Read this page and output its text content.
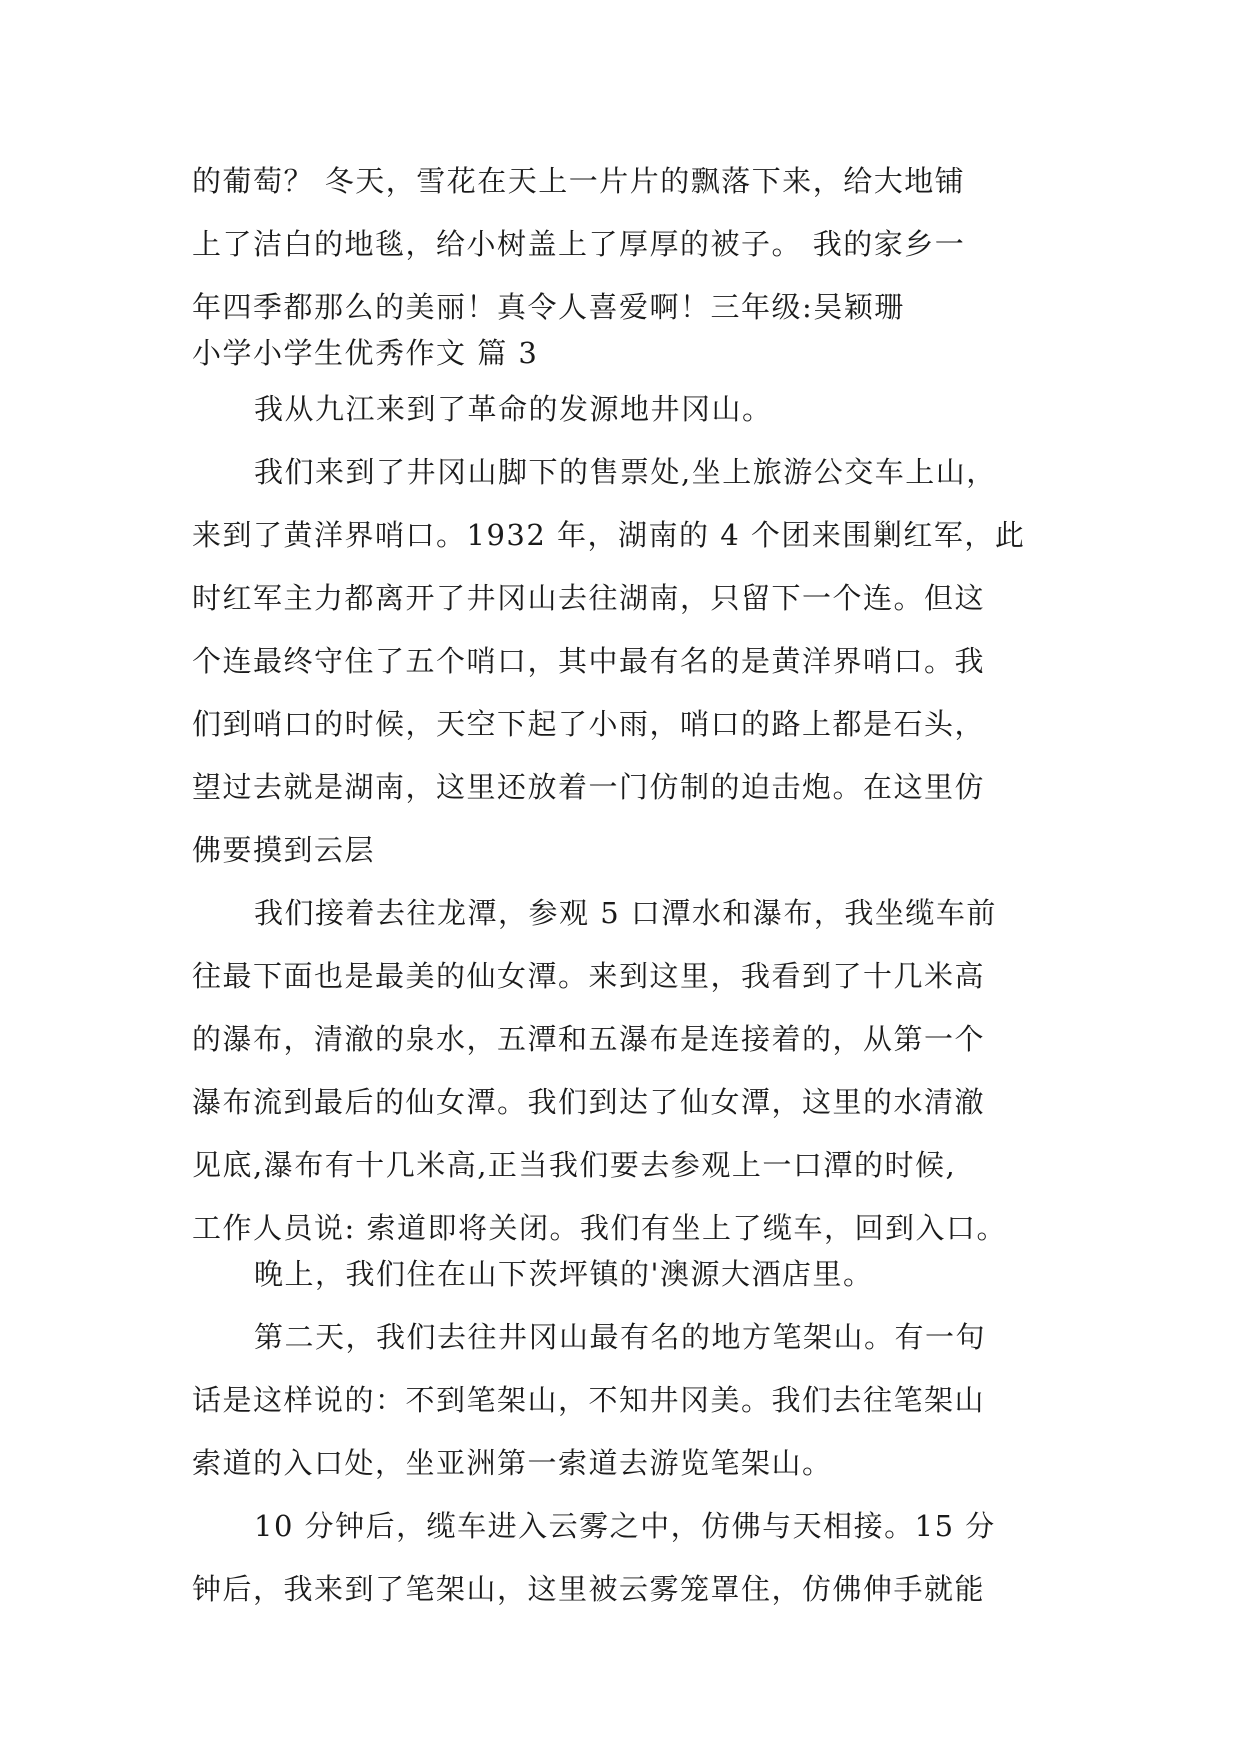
的葡萄？ 冬天，雪花在天上一片片的飘落下来，给大地铺
上了洁白的地毯，给小树盖上了厚厚的被子。 我的家乡一
年四季都那么的美丽！真令人喜爱啊！三年级:吴颖珊
小学小学生优秀作文 篇 3
我从九江来到了革命的发源地井冈山。
我们来到了井冈山脚下的售票处,坐上旅游公交车上山，
来到了黄洋界哨口。1932 年，湖南的 4 个团来围剿红军，此
时红军主力都离开了井冈山去往湖南，只留下一个连。但这
个连最终守住了五个哨口，其中最有名的是黄洋界哨口。我
们到哨口的时候，天空下起了小雨，哨口的路上都是石头，
望过去就是湖南，这里还放着一门仿制的迫击炮。在这里仿
佛要摸到云层
我们接着去往龙潭，参观 5 口潭水和瀑布，我坐缆车前
往最下面也是最美的仙女潭。来到这里，我看到了十几米高
的瀑布，清澈的泉水，五潭和五瀑布是连接着的，从第一个
瀑布流到最后的仙女潭。我们到达了仙女潭，这里的水清澈
见底,瀑布有十几米高,正当我们要去参观上一口潭的时候,
工作人员说: 索道即将关闭。我们有坐上了缆车，回到入口。
晚上，我们住在山下茨坪镇的'澳源大酒店里。
第二天，我们去往井冈山最有名的地方笔架山。有一句
话是这样说的：不到笔架山，不知井冈美。我们去往笔架山
索道的入口处，坐亚洲第一索道去游览笔架山。
10 分钟后，缆车进入云雾之中，仿佛与天相接。15 分
钟后，我来到了笔架山，这里被云雾笼罩住，仿佛伸手就能
